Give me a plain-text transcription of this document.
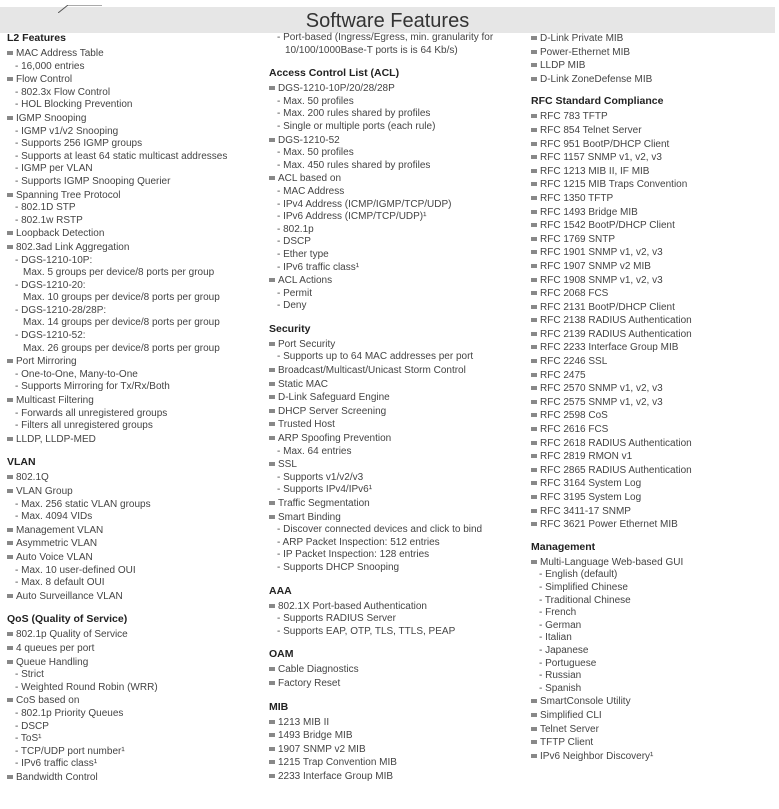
Software Features
L2 Features
MAC Address Table
- 16,000 entries
Flow Control
- 802.3x Flow Control
- HOL Blocking Prevention
IGMP Snooping
- IGMP v1/v2 Snooping
- Supports 256 IGMP groups
- Supports at least 64 static multicast addresses
- IGMP per VLAN
- Supports IGMP Snooping Querier
Spanning Tree Protocol
- 802.1D STP
- 802.1w RSTP
Loopback Detection
802.3ad Link Aggregation
- DGS-1210-10P:
Max. 5 groups per device/8 ports per group
- DGS-1210-20:
Max. 10 groups per device/8 ports per group
- DGS-1210-28/28P:
Max. 14 groups per device/8 ports per group
- DGS-1210-52:
Max. 26 groups per device/8 ports per group
Port Mirroring
- One-to-One, Many-to-One
- Supports Mirroring for Tx/Rx/Both
Multicast Filtering
- Forwards all unregistered groups
- Filters all unregistered groups
LLDP, LLDP-MED
VLAN
802.1Q
VLAN Group
- Max. 256 static VLAN groups
- Max. 4094 VIDs
Management VLAN
Asymmetric VLAN
Auto Voice VLAN
- Max. 10 user-defined OUI
- Max. 8 default OUI
Auto Surveillance VLAN
QoS (Quality of Service)
802.1p Quality of Service
4 queues per port
Queue Handling
- Strict
- Weighted Round Robin (WRR)
CoS based on
- 802.1p Priority Queues
- DSCP
- ToS¹
- TCP/UDP port number¹
- IPv6 traffic class¹
Bandwidth Control
- Port-based (Ingress/Egress, min. granularity for
10/100/1000Base-T ports is is 64 Kb/s)
Access Control List (ACL)
DGS-1210-10P/20/28/28P
- Max. 50 profiles
- Max. 200 rules shared by profiles
- Single or multiple ports (each rule)
DGS-1210-52
- Max. 50 profiles
- Max. 450 rules shared by profiles
ACL based on
- MAC Address
- IPv4 Address (ICMP/IGMP/TCP/UDP)
- IPv6 Address (ICMP/TCP/UDP)¹
- 802.1p
- DSCP
- Ether type
- IPv6 traffic class¹
ACL Actions
- Permit
- Deny
Security
Port Security
- Supports up to 64 MAC addresses per port
Broadcast/Multicast/Unicast Storm Control
Static MAC
D-Link Safeguard Engine
DHCP Server Screening
Trusted Host
ARP Spoofing Prevention
- Max. 64 entries
SSL
- Supports v1/v2/v3
- Supports IPv4/IPv6¹
Traffic Segmentation
Smart Binding
- Discover connected devices and click to bind
- ARP Packet Inspection: 512 entries
- IP Packet Inspection: 128 entries
- Supports DHCP Snooping
AAA
802.1X Port-based Authentication
- Supports RADIUS Server
- Supports EAP, OTP, TLS, TTLS, PEAP
OAM
Cable Diagnostics
Factory Reset
MIB
1213 MIB II
1493 Bridge MIB
1907 SNMP v2 MIB
1215 Trap Convention MIB
2233 Interface Group MIB
D-Link Private MIB
Power-Ethernet MIB
LLDP MIB
D-Link ZoneDefense MIB
RFC Standard Compliance
RFC 783 TFTP
RFC 854 Telnet Server
RFC 951 BootP/DHCP Client
RFC 1157 SNMP v1, v2, v3
RFC 1213 MIB II, IF MIB
RFC 1215 MIB Traps Convention
RFC 1350 TFTP
RFC 1493 Bridge MIB
RFC 1542 BootP/DHCP Client
RFC 1769 SNTP
RFC 1901 SNMP v1, v2, v3
RFC 1907 SNMP v2 MIB
RFC 1908 SNMP v1, v2, v3
RFC 2068 FCS
RFC 2131 BootP/DHCP Client
RFC 2138 RADIUS Authentication
RFC 2139 RADIUS Authentication
RFC 2233 Interface Group MIB
RFC 2246 SSL
RFC 2475
RFC 2570 SNMP v1, v2, v3
RFC 2575 SNMP v1, v2, v3
RFC 2598 CoS
RFC 2616 FCS
RFC 2618 RADIUS Authentication
RFC 2819 RMON v1
RFC 2865 RADIUS Authentication
RFC 3164 System Log
RFC 3195 System Log
RFC 3411-17 SNMP
RFC 3621 Power Ethernet MIB
Management
Multi-Language Web-based GUI
- English (default)
- Simplified Chinese
- Traditional Chinese
- French
- German
- Italian
- Japanese
- Portuguese
- Russian
- Spanish
SmartConsole Utility
Simplified CLI
Telnet Server
TFTP Client
IPv6 Neighbor Discovery¹
